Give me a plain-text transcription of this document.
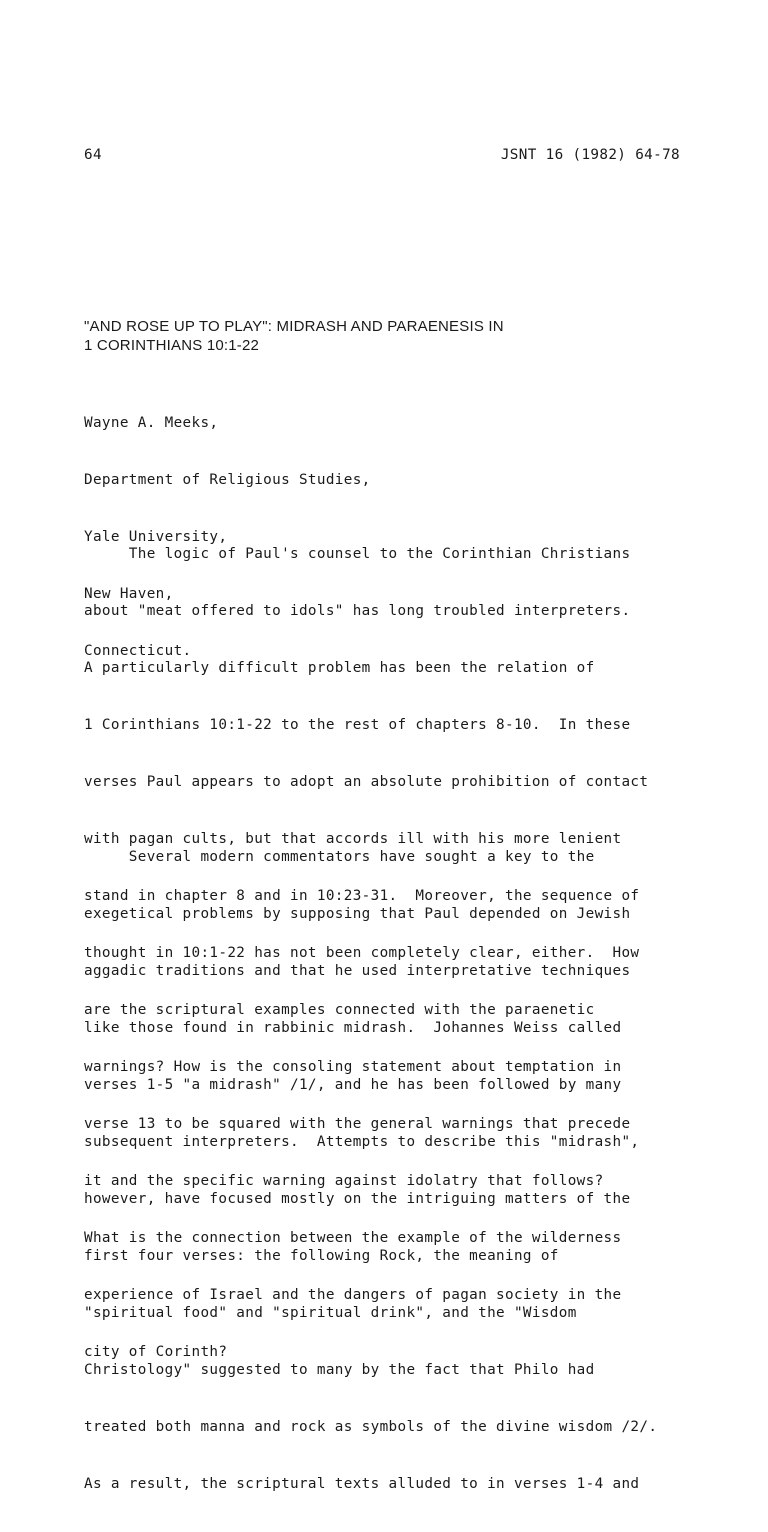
64	JSNT 16 (1982) 64-78
"AND ROSE UP TO PLAY": MIDRASH AND PARAENESIS IN
1 CORINTHIANS 10:1-22

Wayne A. Meeks,

Department of Religious Studies,

Yale University,

New Haven,

Connecticut.

The logic of Paul's counsel to the Corinthian Christians

about "meat offered to idols" has long troubled interpreters.

A particularly difficult problem has been the relation of

1 Corinthians 10:1-22 to the rest of chapters 8-10.  In these

verses Paul appears to adopt an absolute prohibition of contact

with pagan cults, but that accords ill with his more lenient

stand in chapter 8 and in 10:23-31.  Moreover, the sequence of

thought in 10:1-22 has not been completely clear, either.  How

are the scriptural examples connected with the paraenetic

warnings? How is the consoling statement about temptation in

verse 13 to be squared with the general warnings that precede

it and the specific warning against idolatry that follows?

What is the connection between the example of the wilderness

experience of Israel and the dangers of pagan society in the

city of Corinth?

Several modern commentators have sought a key to the

exegetical problems by supposing that Paul depended on Jewish

aggadic traditions and that he used interpretative techniques

like those found in rabbinic midrash.  Johannes Weiss called

verses 1-5 "a midrash" /1/, and he has been followed by many

subsequent interpreters.  Attempts to describe this "midrash",

however, have focused mostly on the intriguing matters of the

first four verses: the following Rock, the meaning of

"spiritual food" and "spiritual drink", and the "Wisdom

Christology" suggested to many by the fact that Philo had

treated both manna and rock as symbols of the divine wisdom /2/.

As a result, the scriptural texts alluded to in verses 1-4 and
